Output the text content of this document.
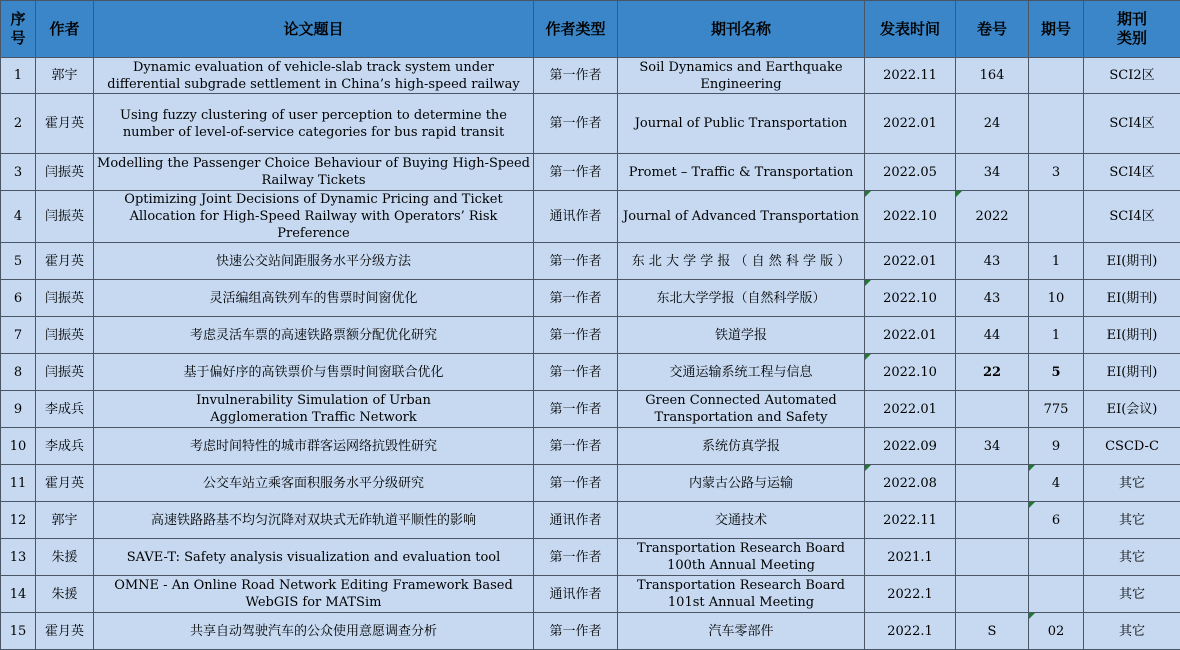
序
号	作者	论文题目	作者类型	期刊名称	发表时间	卷号	期号	期刊
类别
1	郭宇	Dynamic evaluation of vehicle-slab track system under differential subgrade settlement in China’s high-speed railway	第一作者	Soil Dynamics and Earthquake Engineering	2022.11	164		SCI2区
2	霍月英	Using fuzzy clustering of user perception to determine the number of level-of-service categories for bus rapid transit	第一作者	Journal of Public Transportation	2022.01	24		SCI4区
3	闫振英	Modelling the Passenger Choice Behaviour of Buying High-Speed Railway Tickets	第一作者	Promet – Traffic & Transportation	2022.05	34	3	SCI4区
4	闫振英	Optimizing Joint Decisions of Dynamic Pricing and Ticket Allocation for High-Speed Railway with Operators’ Risk Preference	通讯作者	Journal of Advanced Transportation	2022.10	2022		SCI4区
5	霍月英	快速公交站间距服务水平分级方法	第一作者	东 北 大 学 学 报 （ 自 然 科 学 版 ）	2022.01	43	1	EI(期刊)
6	闫振英	灵活编组高铁列车的售票时间窗优化	第一作者	东北大学学报（自然科学版）	2022.10	43	10	EI(期刊)
7	闫振英	考虑灵活车票的高速铁路票额分配优化研究	第一作者	铁道学报	2022.01	44	1	EI(期刊)
8	闫振英	基于偏好序的高铁票价与售票时间窗联合优化	第一作者	交通运输系统工程与信息	2022.10	22	5	EI(期刊)
9	李成兵	Invulnerability Simulation of Urban
Agglomeration Traffic Network	第一作者	Green Connected Automated Transportation and Safety	2022.01		775	EI(会议)
10	李成兵	考虑时间特性的城市群客运网络抗毁性研究	第一作者	系统仿真学报	2022.09	34	9	CSCD-C
11	霍月英	公交车站立乘客面积服务水平分级研究	第一作者	内蒙古公路与运输	2022.08		4	其它
12	郭宇	高速铁路路基不均匀沉降对双块式无砟轨道平顺性的影响	通讯作者	交通技术	2022.11		6	其它
13	朱援	SAVE-T: Safety analysis visualization and evaluation tool	第一作者	Transportation Research Board 100th Annual Meeting	2021.1			其它
14	朱援	OMNE - An Online Road Network Editing Framework Based WebGIS for MATSim	通讯作者	Transportation Research Board 101st Annual Meeting	2022.1			其它
15	霍月英	共享自动驾驶汽车的公众使用意愿调查分析	第一作者	汽车零部件	2022.1	S	02	其它
